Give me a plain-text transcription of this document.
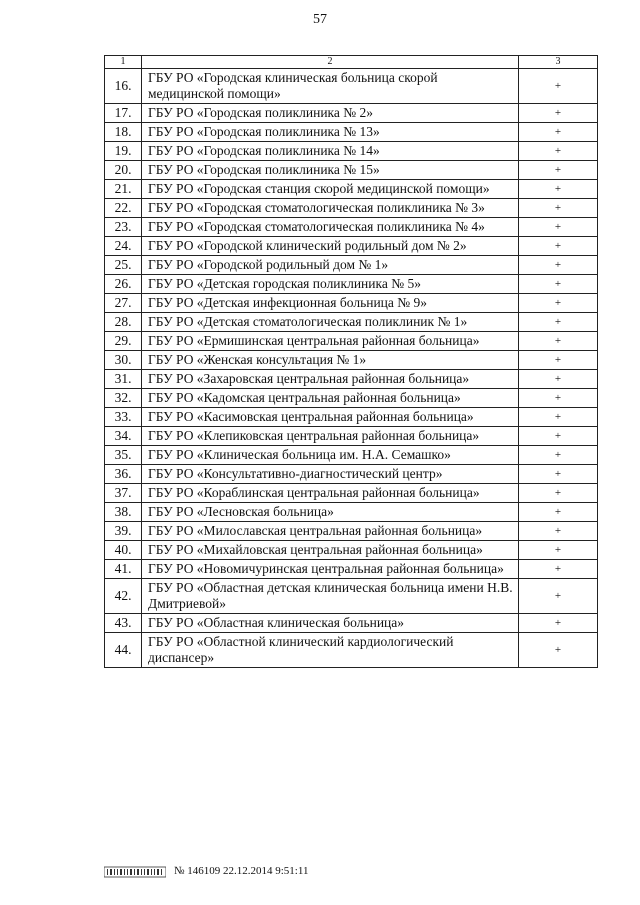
57
1	2	3
16.	ГБУ РО «Городская клиническая больница скорой медицинской помощи»	+
17.	ГБУ РО «Городская поликлиника № 2»	+
18.	ГБУ РО «Городская поликлиника № 13»	+
19.	ГБУ РО «Городская поликлиника № 14»	+
20.	ГБУ РО «Городская поликлиника № 15»	+
21.	ГБУ РО «Городская станция скорой медицинской помощи»	+
22.	ГБУ РО «Городская стоматологическая поликлиника № 3»	+
23.	ГБУ РО «Городская стоматологическая поликлиника № 4»	+
24.	ГБУ РО «Городской клинический родильный дом № 2»	+
25.	ГБУ РО «Городской родильный дом № 1»	+
26.	ГБУ РО «Детская городская поликлиника № 5»	+
27.	ГБУ РО «Детская инфекционная больница № 9»	+
28.	ГБУ РО «Детская стоматологическая поликлиник № 1»	+
29.	ГБУ РО «Ермишинская центральная районная больница»	+
30.	ГБУ РО «Женская консультация № 1»	+
31.	ГБУ РО «Захаровская центральная районная больница»	+
32.	ГБУ РО «Кадомская центральная районная больница»	+
33.	ГБУ РО «Касимовская центральная районная больница»	+
34.	ГБУ РО «Клепиковская центральная районная больница»	+
35.	ГБУ РО «Клиническая больница им. Н.А. Семашко»	+
36.	ГБУ РО «Консультативно-диагностический центр»	+
37.	ГБУ РО «Кораблинская центральная районная больница»	+
38.	ГБУ РО «Лесновская больница»	+
39.	ГБУ РО «Милославская центральная районная больница»	+
40.	ГБУ РО «Михайловская центральная районная больница»	+
41.	ГБУ РО «Новомичуринская центральная районная больница»	+
42.	ГБУ РО «Областная детская клиническая больница имени Н.В. Дмитриевой»	+
43.	ГБУ РО «Областная клиническая больница»	+
44.	ГБУ РО «Областной клинический кардиологический диспансер»	+
№ 146109 22.12.2014 9:51:11
